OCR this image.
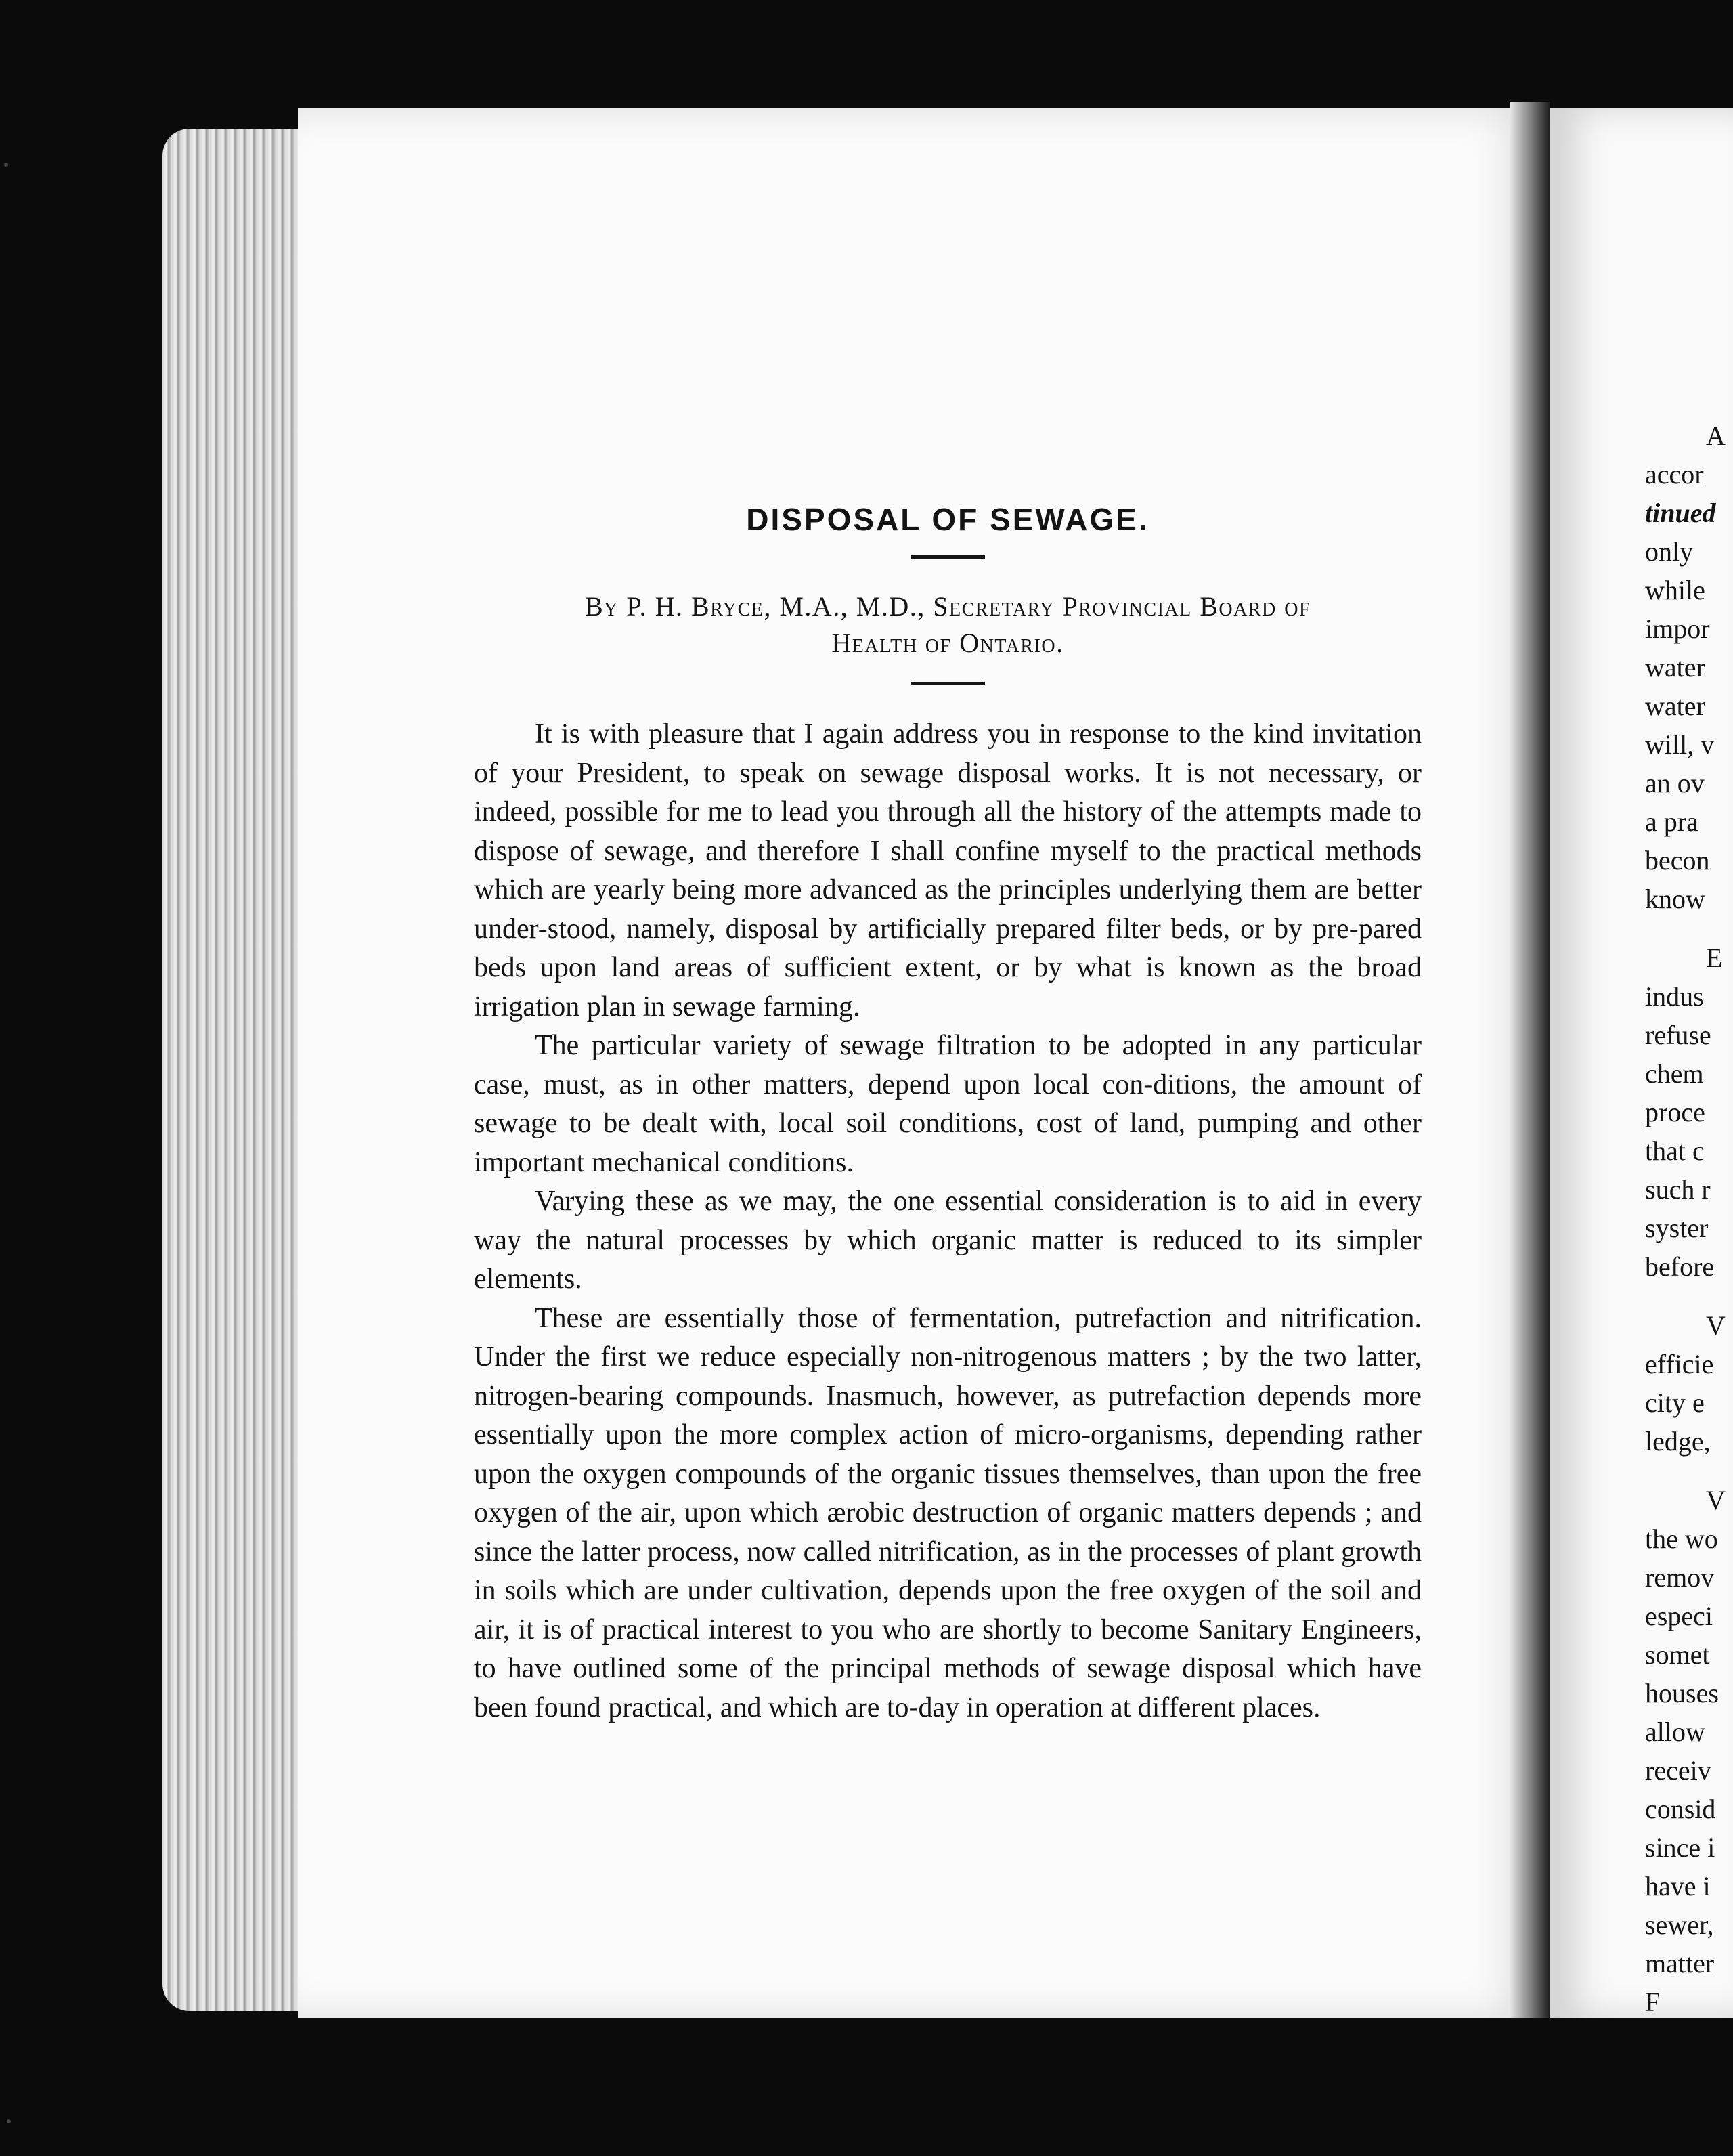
A
accor
tinued
only
while
impor
water
water
will, v
an ov
a pra
becon
know
E
indus
refuse
chem
proce
that c
such r
syster
before
V
efficie
city e
ledge,
V
the wo
remov
especi
somet
houses
allow
receiv
consid
since i
have i
sewer,
matter
F
DISPOSAL OF SEWAGE.
By P. H. Bryce, M.A., M.D., Secretary Provincial Board of
Health of Ontario.

It is with pleasure that I again address you in response to the kind invitation of your President, to speak on sewage disposal works. It is not necessary, or indeed, possible for me to lead you through all the history of the attempts made to dispose of sewage, and therefore I shall confine myself to the practical methods which are yearly being more advanced as the principles underlying them are better under-stood, namely, disposal by artificially prepared filter beds, or by pre-pared beds upon land areas of sufficient extent, or by what is known as the broad irrigation plan in sewage farming.

The particular variety of sewage filtration to be adopted in any particular case, must, as in other matters, depend upon local con-ditions, the amount of sewage to be dealt with, local soil conditions, cost of land, pumping and other important mechanical conditions.

Varying these as we may, the one essential consideration is to aid in every way the natural processes by which organic matter is reduced to its simpler elements.

These are essentially those of fermentation, putrefaction and nitrification. Under the first we reduce especially non-nitrogenous matters ; by the two latter, nitrogen-bearing compounds. Inasmuch, however, as putrefaction depends more essentially upon the more complex action of micro-organisms, depending rather upon the oxygen compounds of the organic tissues themselves, than upon the free oxygen of the air, upon which ærobic destruction of organic matters depends ; and since the latter process, now called nitrification, as in the processes of plant growth in soils which are under cultivation, depends upon the free oxygen of the soil and air, it is of practical interest to you who are shortly to become Sanitary Engineers, to have outlined some of the principal methods of sewage disposal which have been found practical, and which are to-day in operation at different places.
